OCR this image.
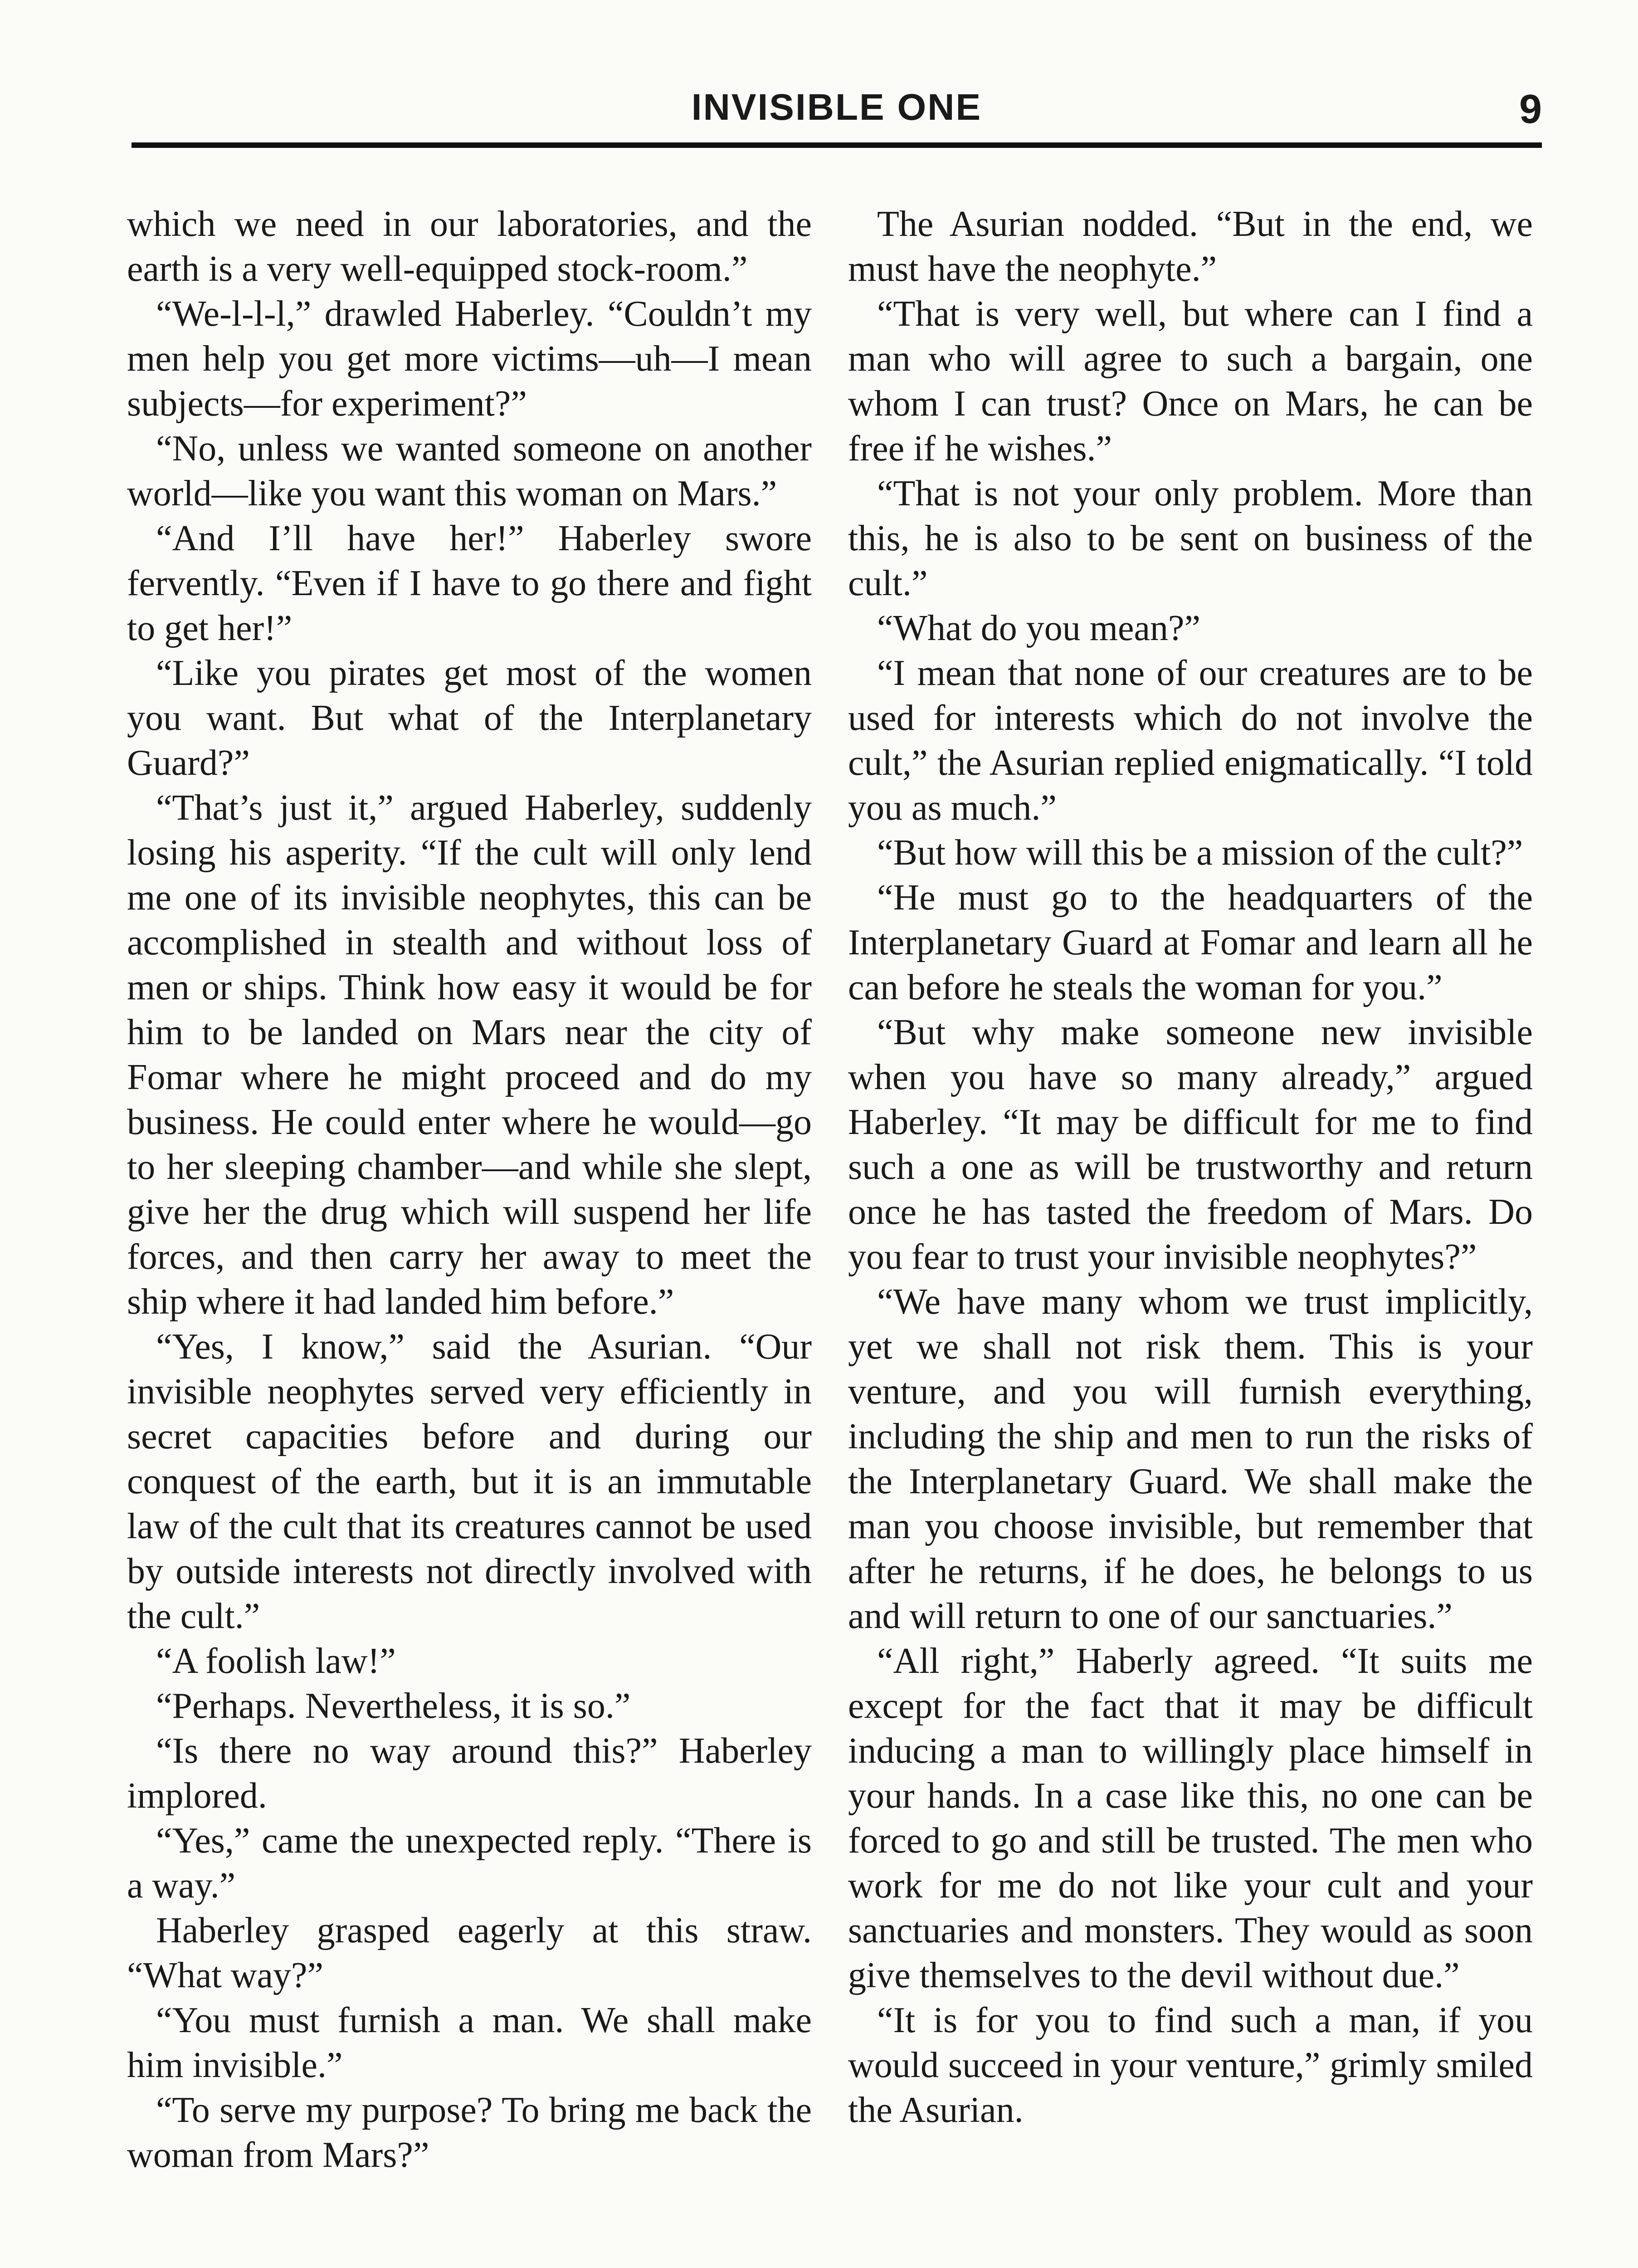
INVISIBLE ONE	9

which we need in our laboratories, and the earth is a very well-equipped stock-room.”

“We-l-l-l,” drawled Haberley. “Couldn’t my men help you get more victims—uh—I mean subjects—for experiment?”

“No, unless we wanted someone on another world—like you want this woman on Mars.”

“And I’ll have her!” Haberley swore fervently. “Even if I have to go there and fight to get her!”

“Like you pirates get most of the women you want. But what of the Interplanetary Guard?”

“That’s just it,” argued Haberley, suddenly losing his asperity. “If the cult will only lend me one of its invisible neophytes, this can be accomplished in stealth and without loss of men or ships. Think how easy it would be for him to be landed on Mars near the city of Fomar where he might proceed and do my business. He could enter where he would—go to her sleeping chamber—and while she slept, give her the drug which will suspend her life forces, and then carry her away to meet the ship where it had landed him before.”

“Yes, I know,” said the Asurian. “Our invisible neophytes served very efficiently in secret capacities before and during our conquest of the earth, but it is an immutable law of the cult that its creatures cannot be used by outside interests not directly involved with the cult.”

“A foolish law!”

“Perhaps. Nevertheless, it is so.”

“Is there no way around this?” Haberley implored.

“Yes,” came the unexpected reply. “There is a way.”

Haberley grasped eagerly at this straw. “What way?”

“You must furnish a man. We shall make him invisible.”

“To serve my purpose? To bring me back the woman from Mars?”

The Asurian nodded. “But in the end, we must have the neophyte.”

“That is very well, but where can I find a man who will agree to such a bargain, one whom I can trust? Once on Mars, he can be free if he wishes.”

“That is not your only problem. More than this, he is also to be sent on business of the cult.”

“What do you mean?”

“I mean that none of our creatures are to be used for interests which do not involve the cult,” the Asurian replied enigmatically. “I told you as much.”

“But how will this be a mission of the cult?”

“He must go to the headquarters of the Interplanetary Guard at Fomar and learn all he can before he steals the woman for you.”

“But why make someone new invisible when you have so many already,” argued Haberley. “It may be difficult for me to find such a one as will be trustworthy and return once he has tasted the freedom of Mars. Do you fear to trust your invisible neophytes?”

“We have many whom we trust implicitly, yet we shall not risk them. This is your venture, and you will furnish everything, including the ship and men to run the risks of the Interplanetary Guard. We shall make the man you choose invisible, but remember that after he returns, if he does, he belongs to us and will return to one of our sanctuaries.”

“All right,” Haberly agreed. “It suits me except for the fact that it may be difficult inducing a man to willingly place himself in your hands. In a case like this, no one can be forced to go and still be trusted. The men who work for me do not like your cult and your sanctuaries and monsters. They would as soon give themselves to the devil without due.”

“It is for you to find such a man, if you would succeed in your venture,” grimly smiled the Asurian.
